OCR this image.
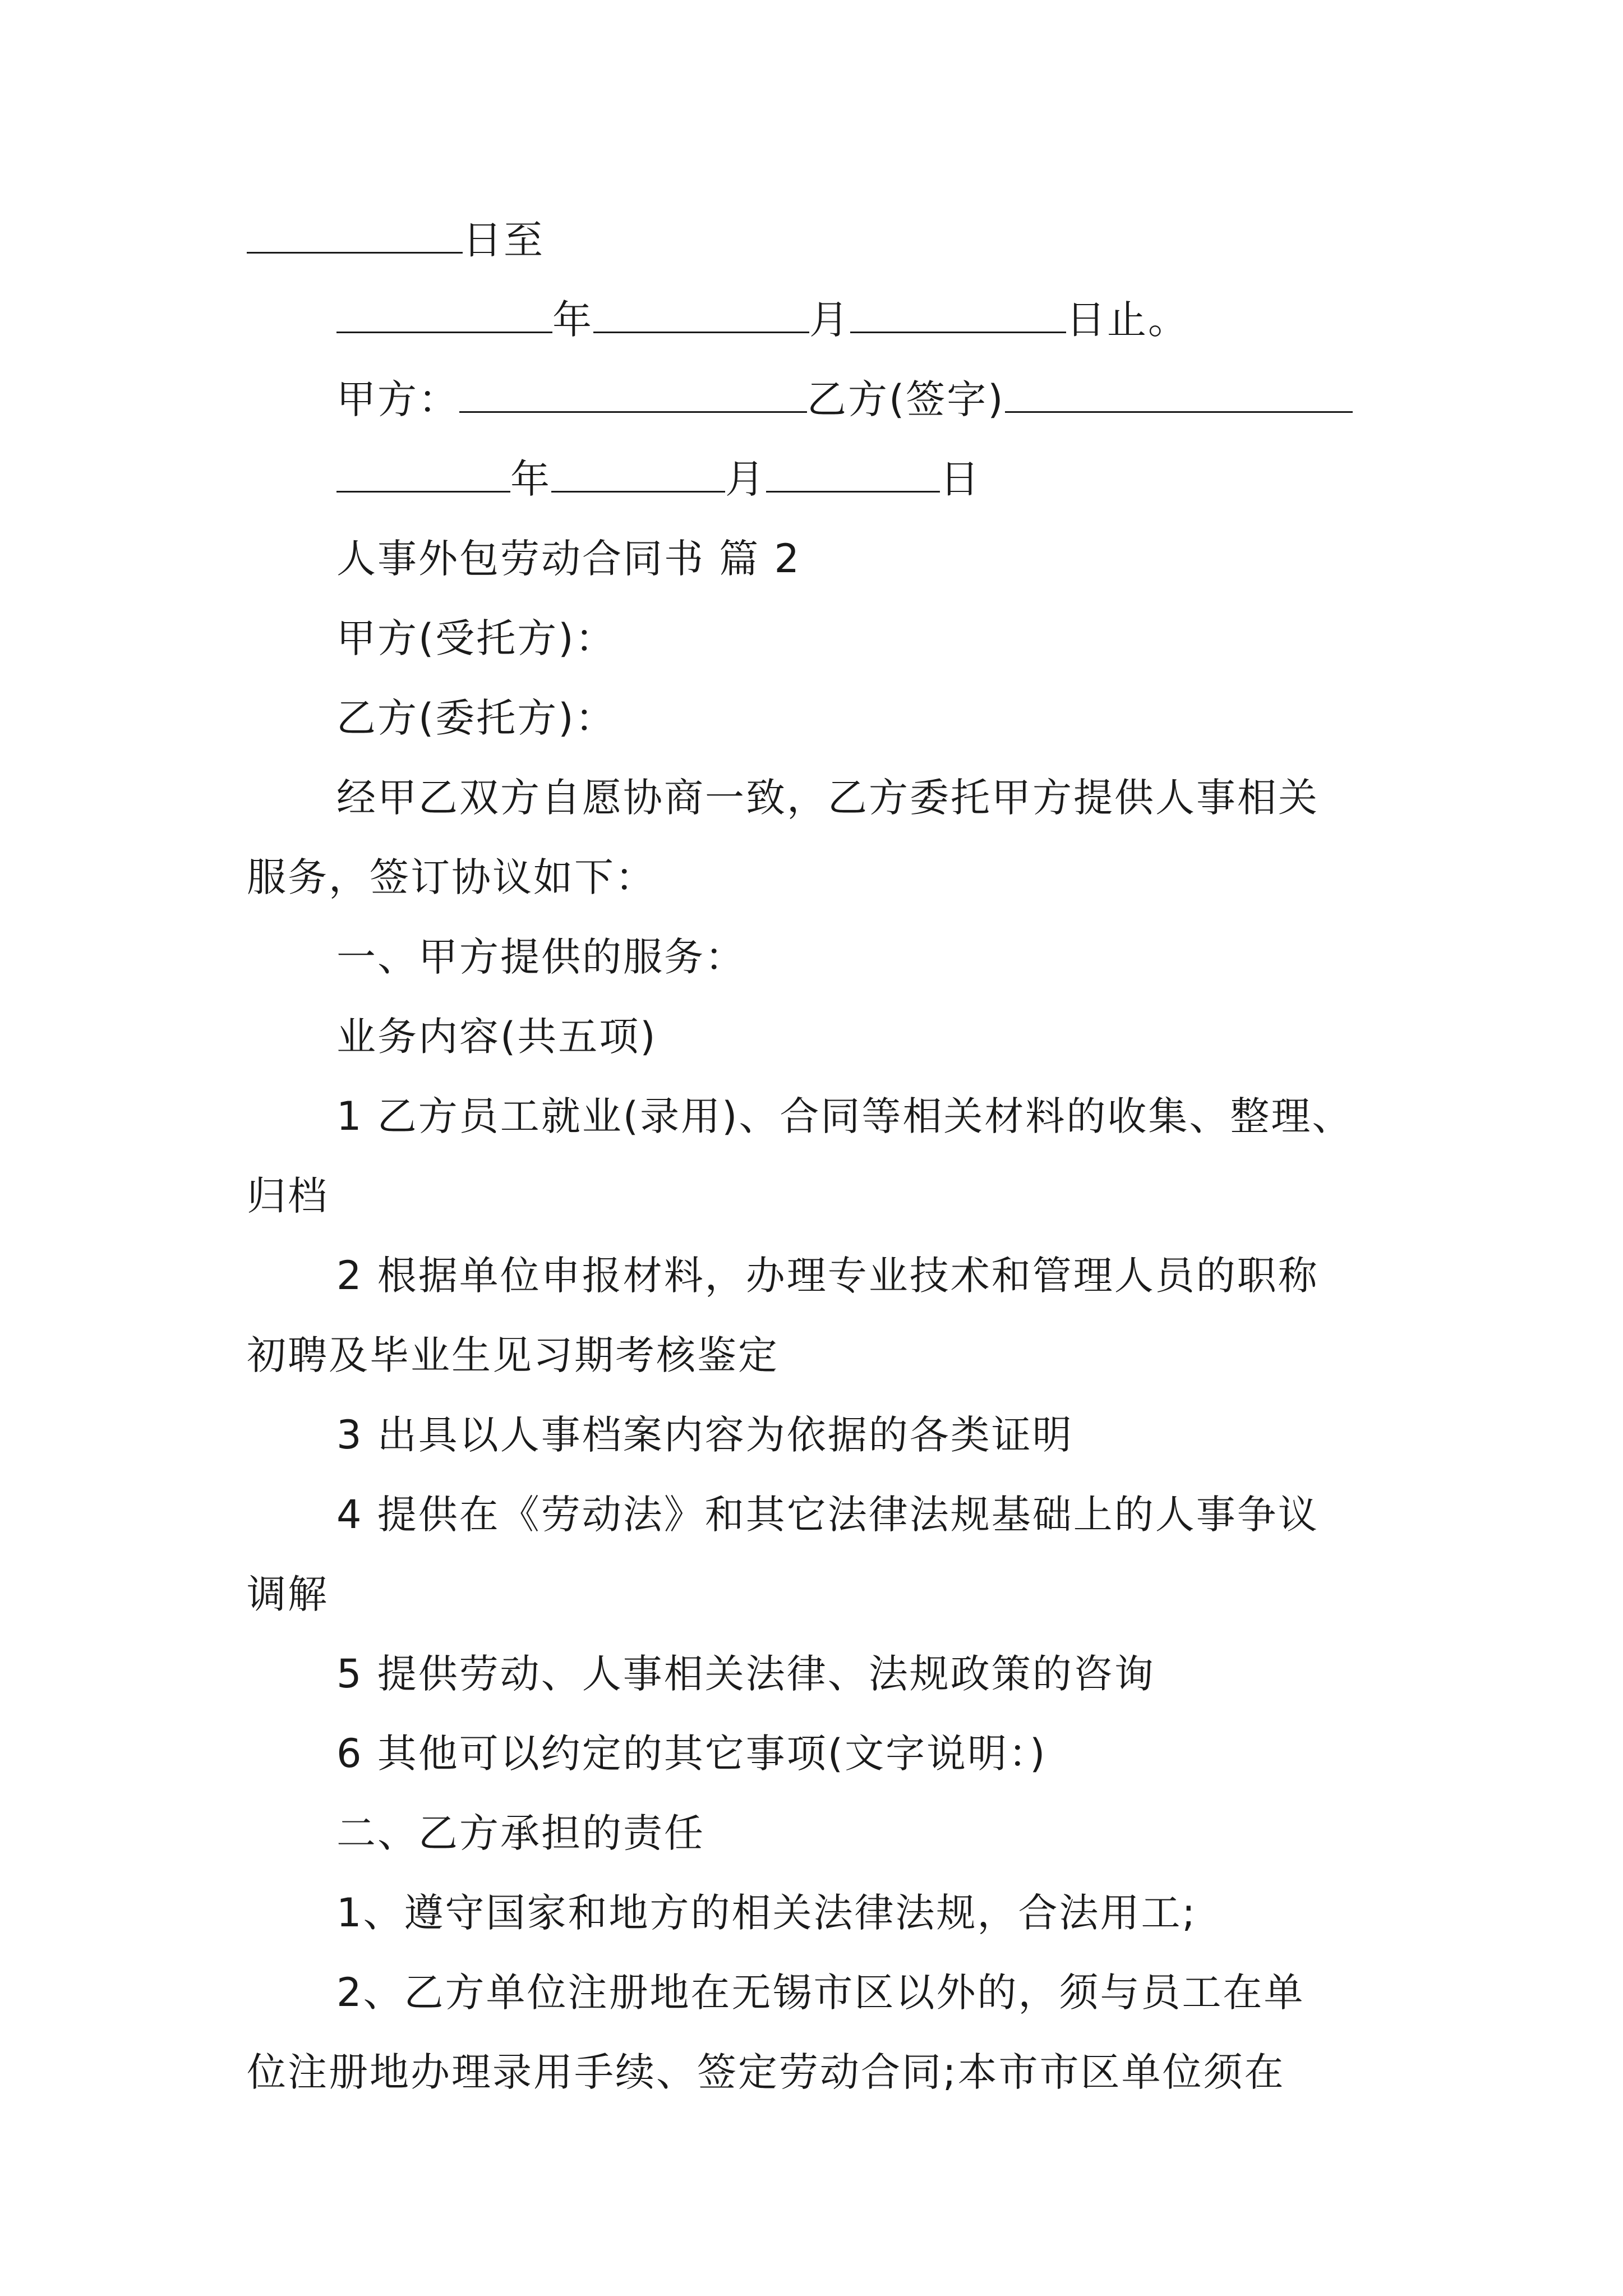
日至
年	月	日止。
甲方：	乙方(签字)
年	月	日
人事外包劳动合同书 篇 2
甲方(受托方)：
乙方(委托方)：
经甲乙双方自愿协商一致，乙方委托甲方提供人事相关
服务，签订协议如下：
一、甲方提供的服务：
业务内容(共五项)
1 乙方员工就业(录用)、合同等相关材料的收集、整理、
归档
2 根据单位申报材料，办理专业技术和管理人员的职称
初聘及毕业生见习期考核鉴定
3 出具以人事档案内容为依据的各类证明
4 提供在《劳动法》和其它法律法规基础上的人事争议
调解
5 提供劳动、人事相关法律、法规政策的咨询
6 其他可以约定的其它事项(文字说明：)
二、乙方承担的责任
1、遵守国家和地方的相关法律法规，合法用工;
2、乙方单位注册地在无锡市区以外的，须与员工在单
位注册地办理录用手续、签定劳动合同;本市市区单位须在
